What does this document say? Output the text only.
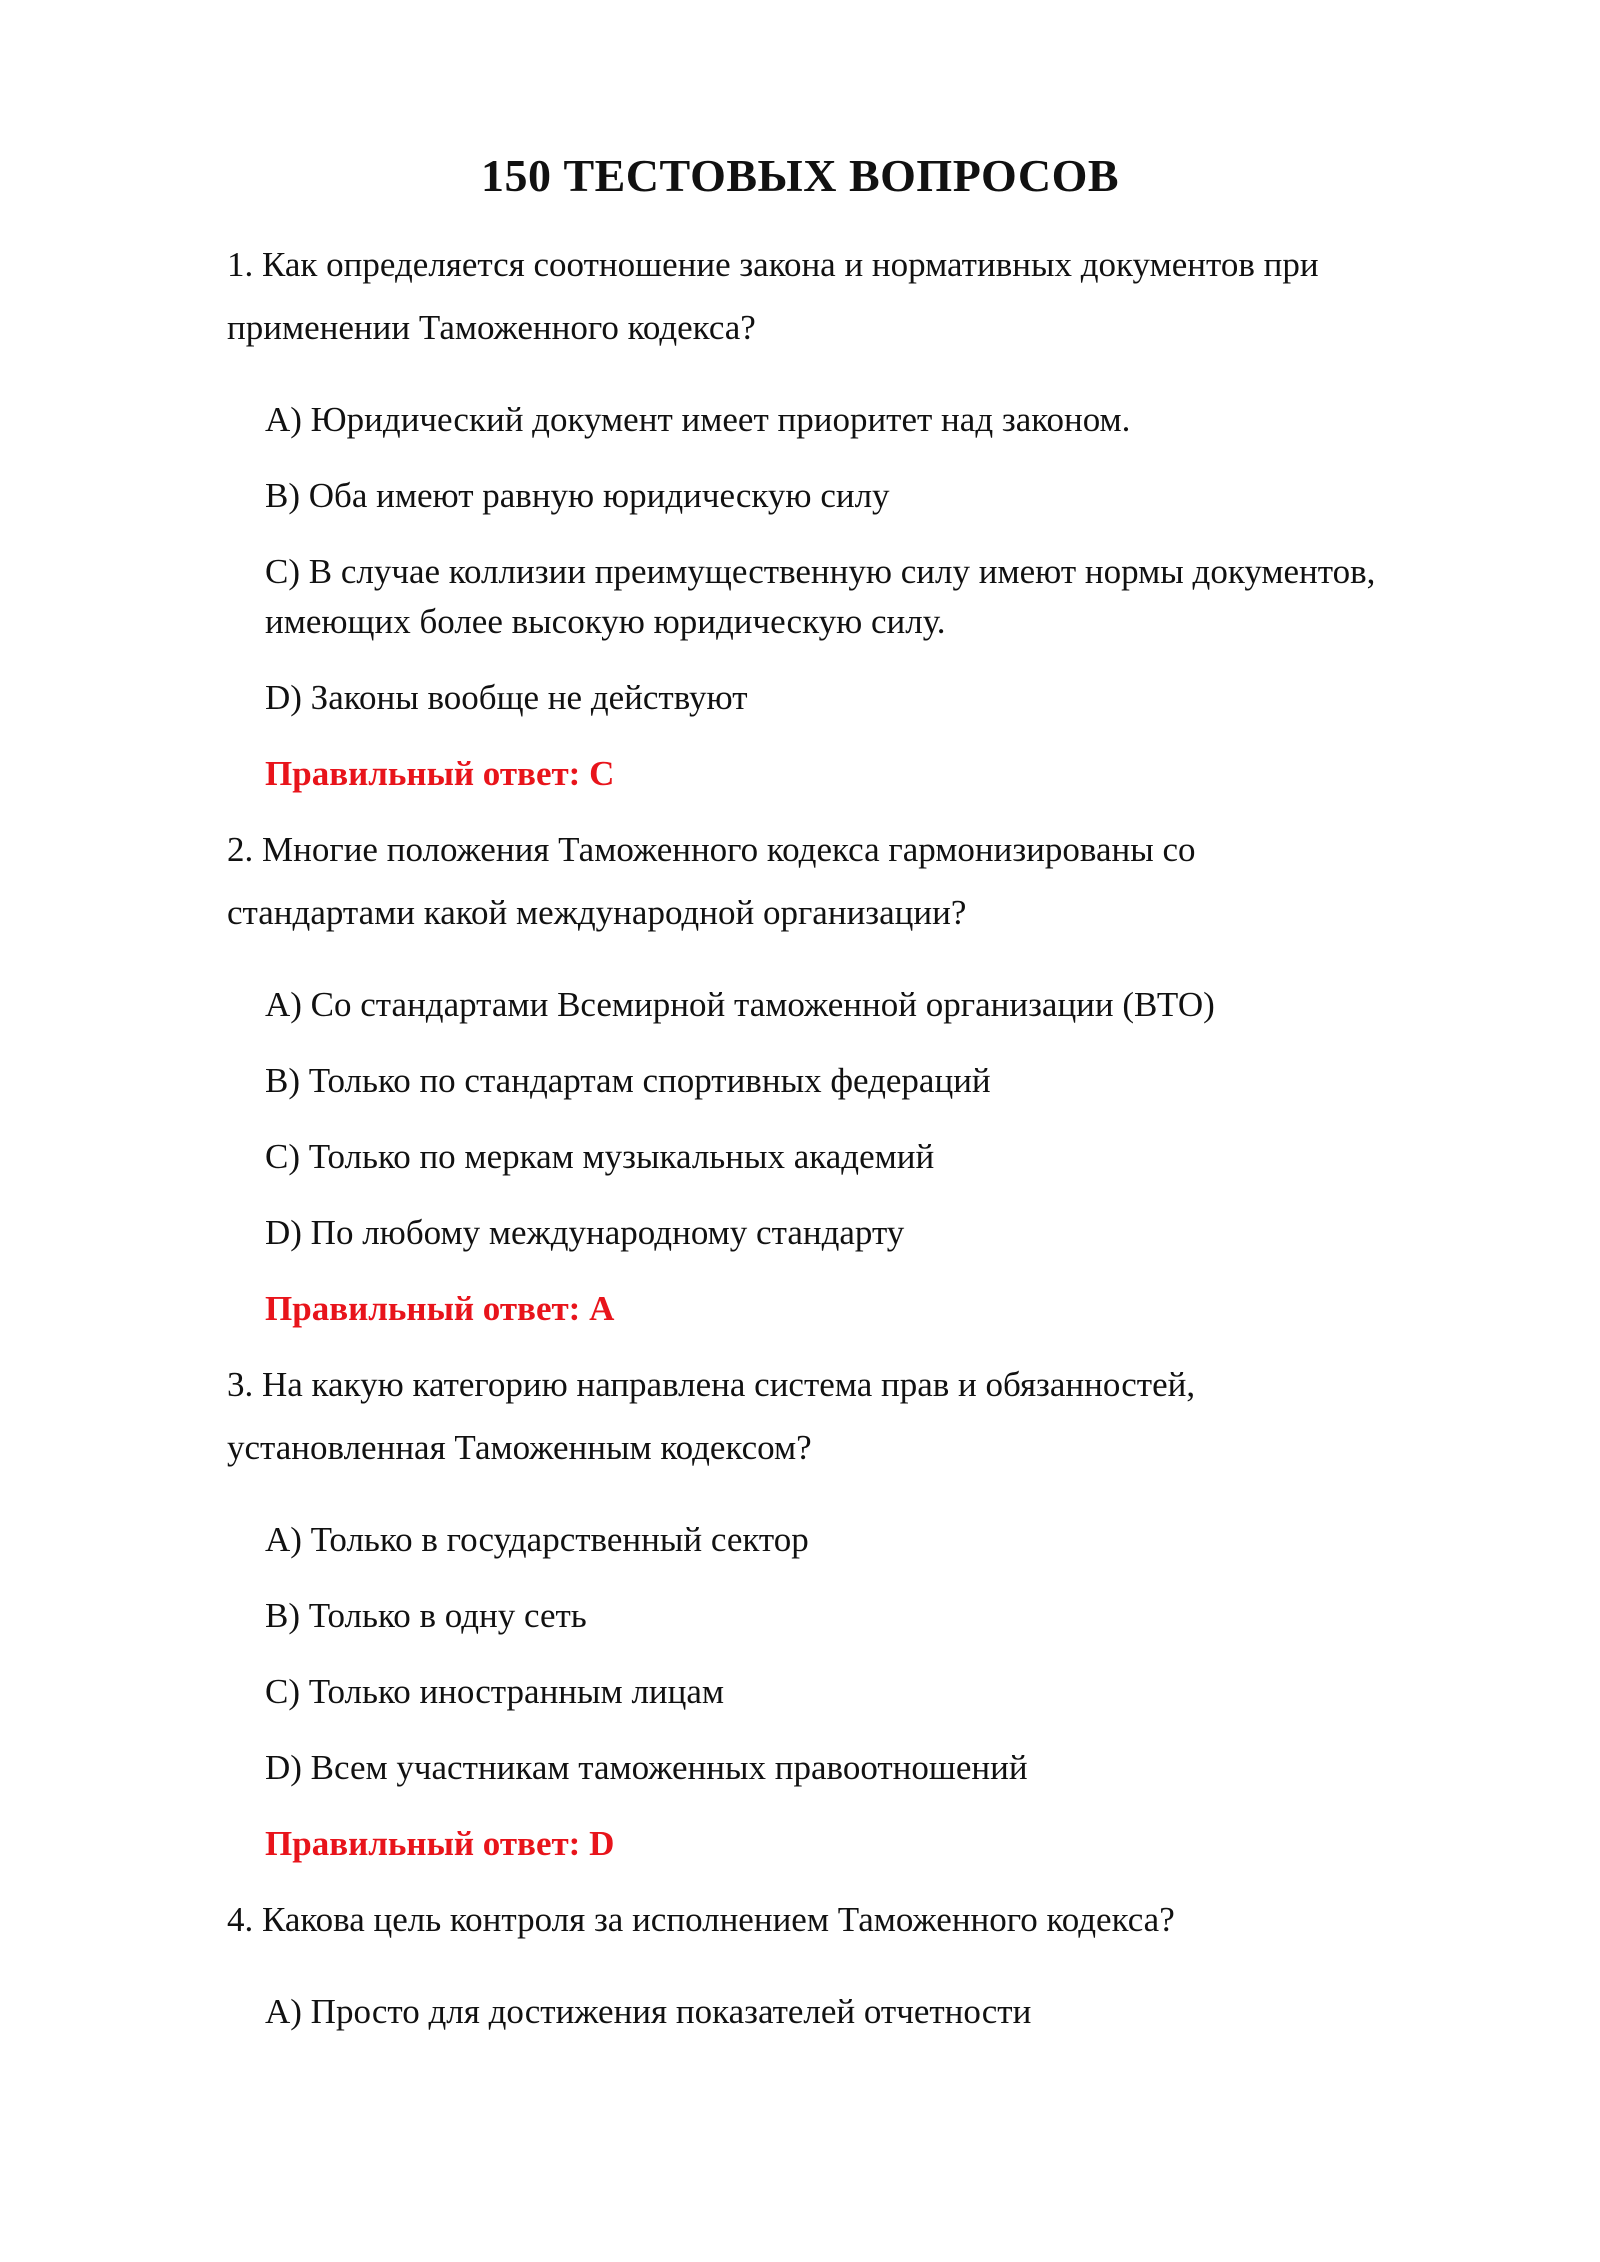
150 ТЕСТОВЫХ ВОПРОСОВ

1. Как определяется соотношение закона и нормативных документов при

применении Таможенного кодекса?

A) Юридический документ имеет приоритет над законом.

B) Оба имеют равную юридическую силу

C) В случае коллизии преимущественную силу имеют нормы документов,

имеющих более высокую юридическую силу.

D) Законы вообще не действуют

Правильный ответ: C

2. Многие положения Таможенного кодекса гармонизированы со

стандартами какой международной организации?

A) Со стандартами Всемирной таможенной организации (ВТО)

B) Только по стандартам спортивных федераций

C) Только по меркам музыкальных академий

D) По любому международному стандарту

Правильный ответ: A

3. На какую категорию направлена система прав и обязанностей,

установленная Таможенным кодексом?

A) Только в государственный сектор

B) Только в одну сеть

C) Только иностранным лицам

D) Всем участникам таможенных правоотношений

Правильный ответ: D

4. Какова цель контроля за исполнением Таможенного кодекса?

A) Просто для достижения показателей отчетности
